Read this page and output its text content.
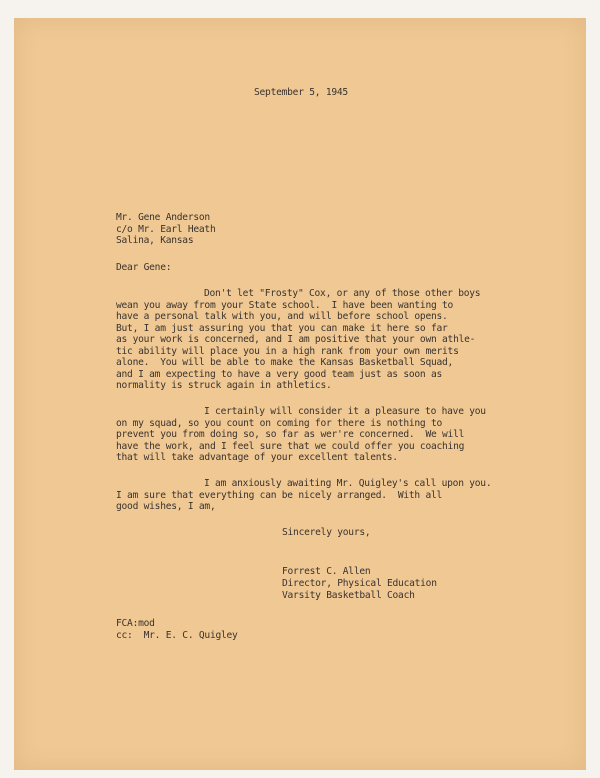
September 5, 1945
Mr. Gene Anderson
c/o Mr. Earl Heath
Salina, Kansas
Dear Gene:
Don't let "Frosty" Cox, or any of those other boys
wean you away from your State school.  I have been wanting to
have a personal talk with you, and will before school opens.
But, I am just assuring you that you can make it here so far
as your work is concerned, and I am positive that your own athle-
tic ability will place you in a high rank from your own merits
alone.  You will be able to make the Kansas Basketball Squad,
and I am expecting to have a very good team just as soon as
normality is struck again in athletics.
I certainly will consider it a pleasure to have you
on my squad, so you count on coming for there is nothing to
prevent you from doing so, so far as wer're concerned.  We will
have the work, and I feel sure that we could offer you coaching
that will take advantage of your excellent talents.
I am anxiously awaiting Mr. Quigley's call upon you.
I am sure that everything can be nicely arranged.  With all
good wishes, I am,
Sincerely yours,
Forrest C. Allen
Director, Physical Education
Varsity Basketball Coach
FCA:mod
cc:  Mr. E. C. Quigley
